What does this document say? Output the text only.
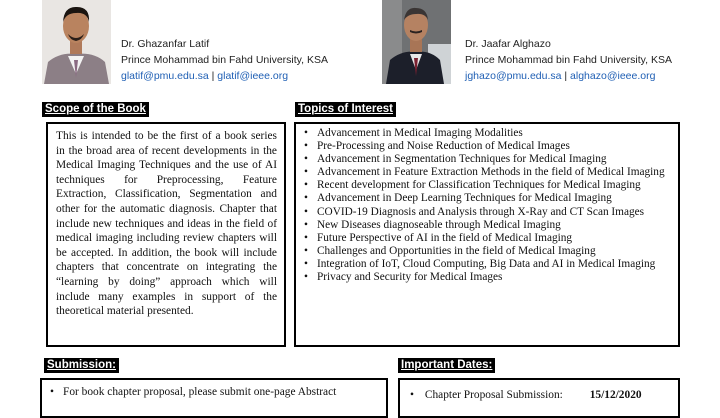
Dr. Ghazanfar Latif
Prince Mohammad bin Fahd University, KSA
glatif@pmu.edu.sa | glatif@ieee.org
Dr. Jaafar Alghazo
Prince Mohammad bin Fahd University, KSA
jghazo@pmu.edu.sa | alghazo@ieee.org
Scope of the Book	Topics of Interest

This is intended to be the first of a book series in the broad area of recent developments in the Medical Imaging Techniques and the use of AI techniques for Preprocessing, Feature Extraction, Classification, Segmentation and other for the automatic diagnosis. Chapter that include new techniques and ideas in the field of medical imaging including review chapters will be accepted. In addition, the book will include chapters that concentrate on integrating the “learning by doing” approach which will include many examples in support of the theoretical material presented.

• Advancement in Medical Imaging Modalities
• Pre-Processing and Noise Reduction of Medical Images
• Advancement in Segmentation Techniques for Medical Imaging
• Advancement in Feature Extraction Methods in the field of Medical Imaging
• Recent development for Classification Techniques for Medical Imaging
• Advancement in Deep Learning Techniques for Medical Imaging
• COVID-19 Diagnosis and Analysis through X-Ray and CT Scan Images
• New Diseases diagnoseable through Medical Imaging
• Future Perspective of AI in the field of Medical Imaging
• Challenges and Opportunities in the field of Medical Imaging
• Integration of IoT, Cloud Computing, Big Data and AI in Medical Imaging
• Privacy and Security for Medical Images
Submission:
• For book chapter proposal, please submit one-page Abstract
Important Dates:
• Chapter Proposal Submission: 15/12/2020
